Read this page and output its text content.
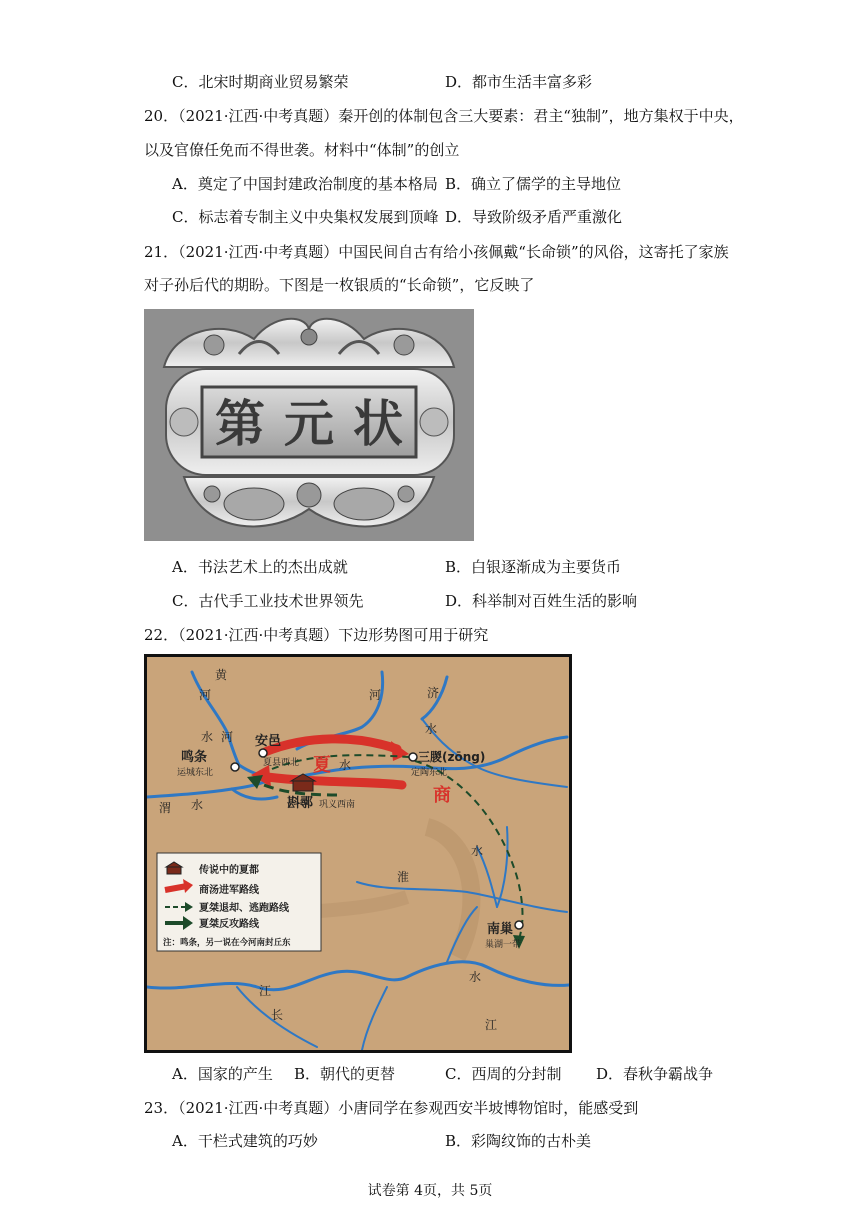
C．北宋时期商业贸易繁荣	D．都市生活丰富多彩
20．（2021·江西·中考真题）秦开创的体制包含三大要素：君主“独制”，地方集权于中央，
以及官僚任免而不得世袭。材料中“体制”的创立
A．奠定了中国封建政治制度的基本格局 B．确立了儒学的主导地位
C．标志着专制主义中央集权发展到顶峰 D．导致阶级矛盾严重激化
21．（2021·江西·中考真题）中国民间自古有给小孩佩戴“长命锁”的风俗，这寄托了家族
对子孙后代的期盼。下图是一枚银质的“长命锁”，它反映了
第 元 状
A．书法艺术上的杰出成就	B．白银逐渐成为主要货币
C．古代手工业技术世界领先	D．科举制对百姓生活的影响
22．（2021·江西·中考真题）下边形势图可用于研究
黄
河	济
河
水
水 河
水
渭 水
淮
水
江
长
水
江
鸣条
运城东北
安邑
夏县西北 夏	三朡(zōng)
定陶东北
斟鄩 巩义西南	商
南巢
巢湖一带
传说中的夏都
商汤进军路线
夏桀退却、逃跑路线
夏桀反攻路线
注：鸣条，另一说在今河南封丘东
A．国家的产生 B．朝代的更替	C．西周的分封制 D．春秋争霸战争
23．（2021·江西·中考真题）小唐同学在参观西安半坡博物馆时，能感受到
A．干栏式建筑的巧妙	B．彩陶纹饰的古朴美
试卷第 4页，共 5页
